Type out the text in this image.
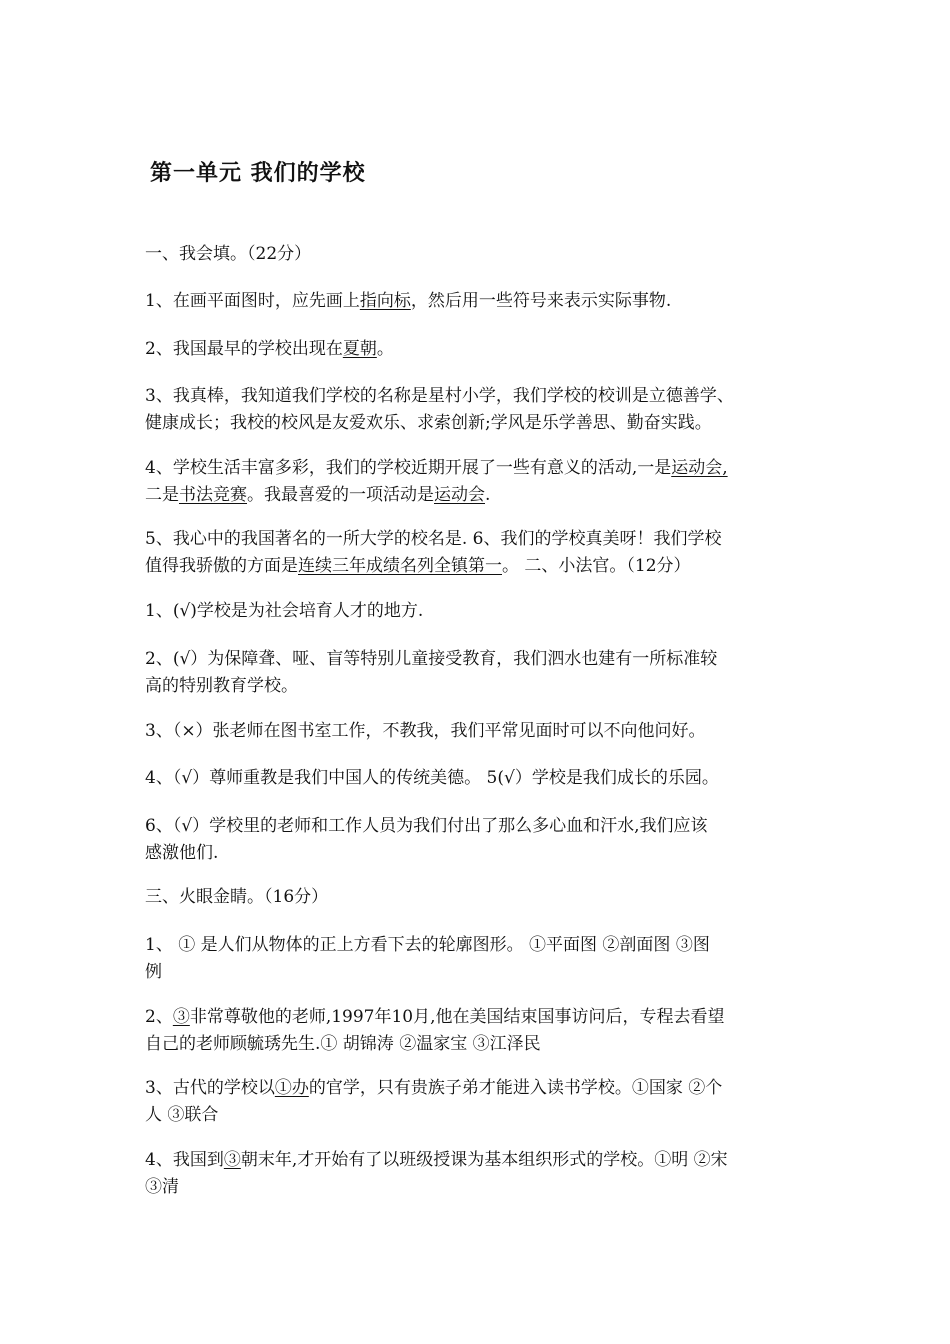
第一单元 我们的学校
一、我会填。（22分）
1、在画平面图时，应先画上指向标，然后用一些符号来表示实际事物.
2、我国最早的学校出现在夏朝。
3、我真棒，我知道我们学校的名称是星村小学，我们学校的校训是立德善学、
健康成长；我校的校风是友爱欢乐、求索创新;学风是乐学善思、勤奋实践。
4、学校生活丰富多彩，我们的学校近期开展了一些有意义的活动,一是运动会,
二是书法竞赛。我最喜爱的一项活动是运动会.
5、我心中的我国著名的一所大学的校名是. 6、我们的学校真美呀！我们学校
值得我骄傲的方面是连续三年成绩名列全镇第一。 二、小法官。（12分）
1、(√)学校是为社会培育人才的地方.
2、(√）为保障聋、哑、盲等特别儿童接受教育，我们泗水也建有一所标准较
高的特别教育学校。
3、（×）张老师在图书室工作，不教我，我们平常见面时可以不向他问好。
4、（√）尊师重教是我们中国人的传统美德。 5(√）学校是我们成长的乐园。
6、（√）学校里的老师和工作人员为我们付出了那么多心血和汗水,我们应该
感激他们.
三、火眼金睛。（16分）
1、 ① 是人们从物体的正上方看下去的轮廓图形。 ①平面图 ②剖面图 ③图
例
2、③非常尊敬他的老师,1997年10月,他在美国结束国事访问后，专程去看望
自己的老师顾毓琇先生.① 胡锦涛 ②温家宝 ③江泽民
3、古代的学校以①办的官学，只有贵族子弟才能进入读书学校。①国家 ②个
人 ③联合
4、我国到③朝末年,才开始有了以班级授课为基本组织形式的学校。①明 ②宋
③清
